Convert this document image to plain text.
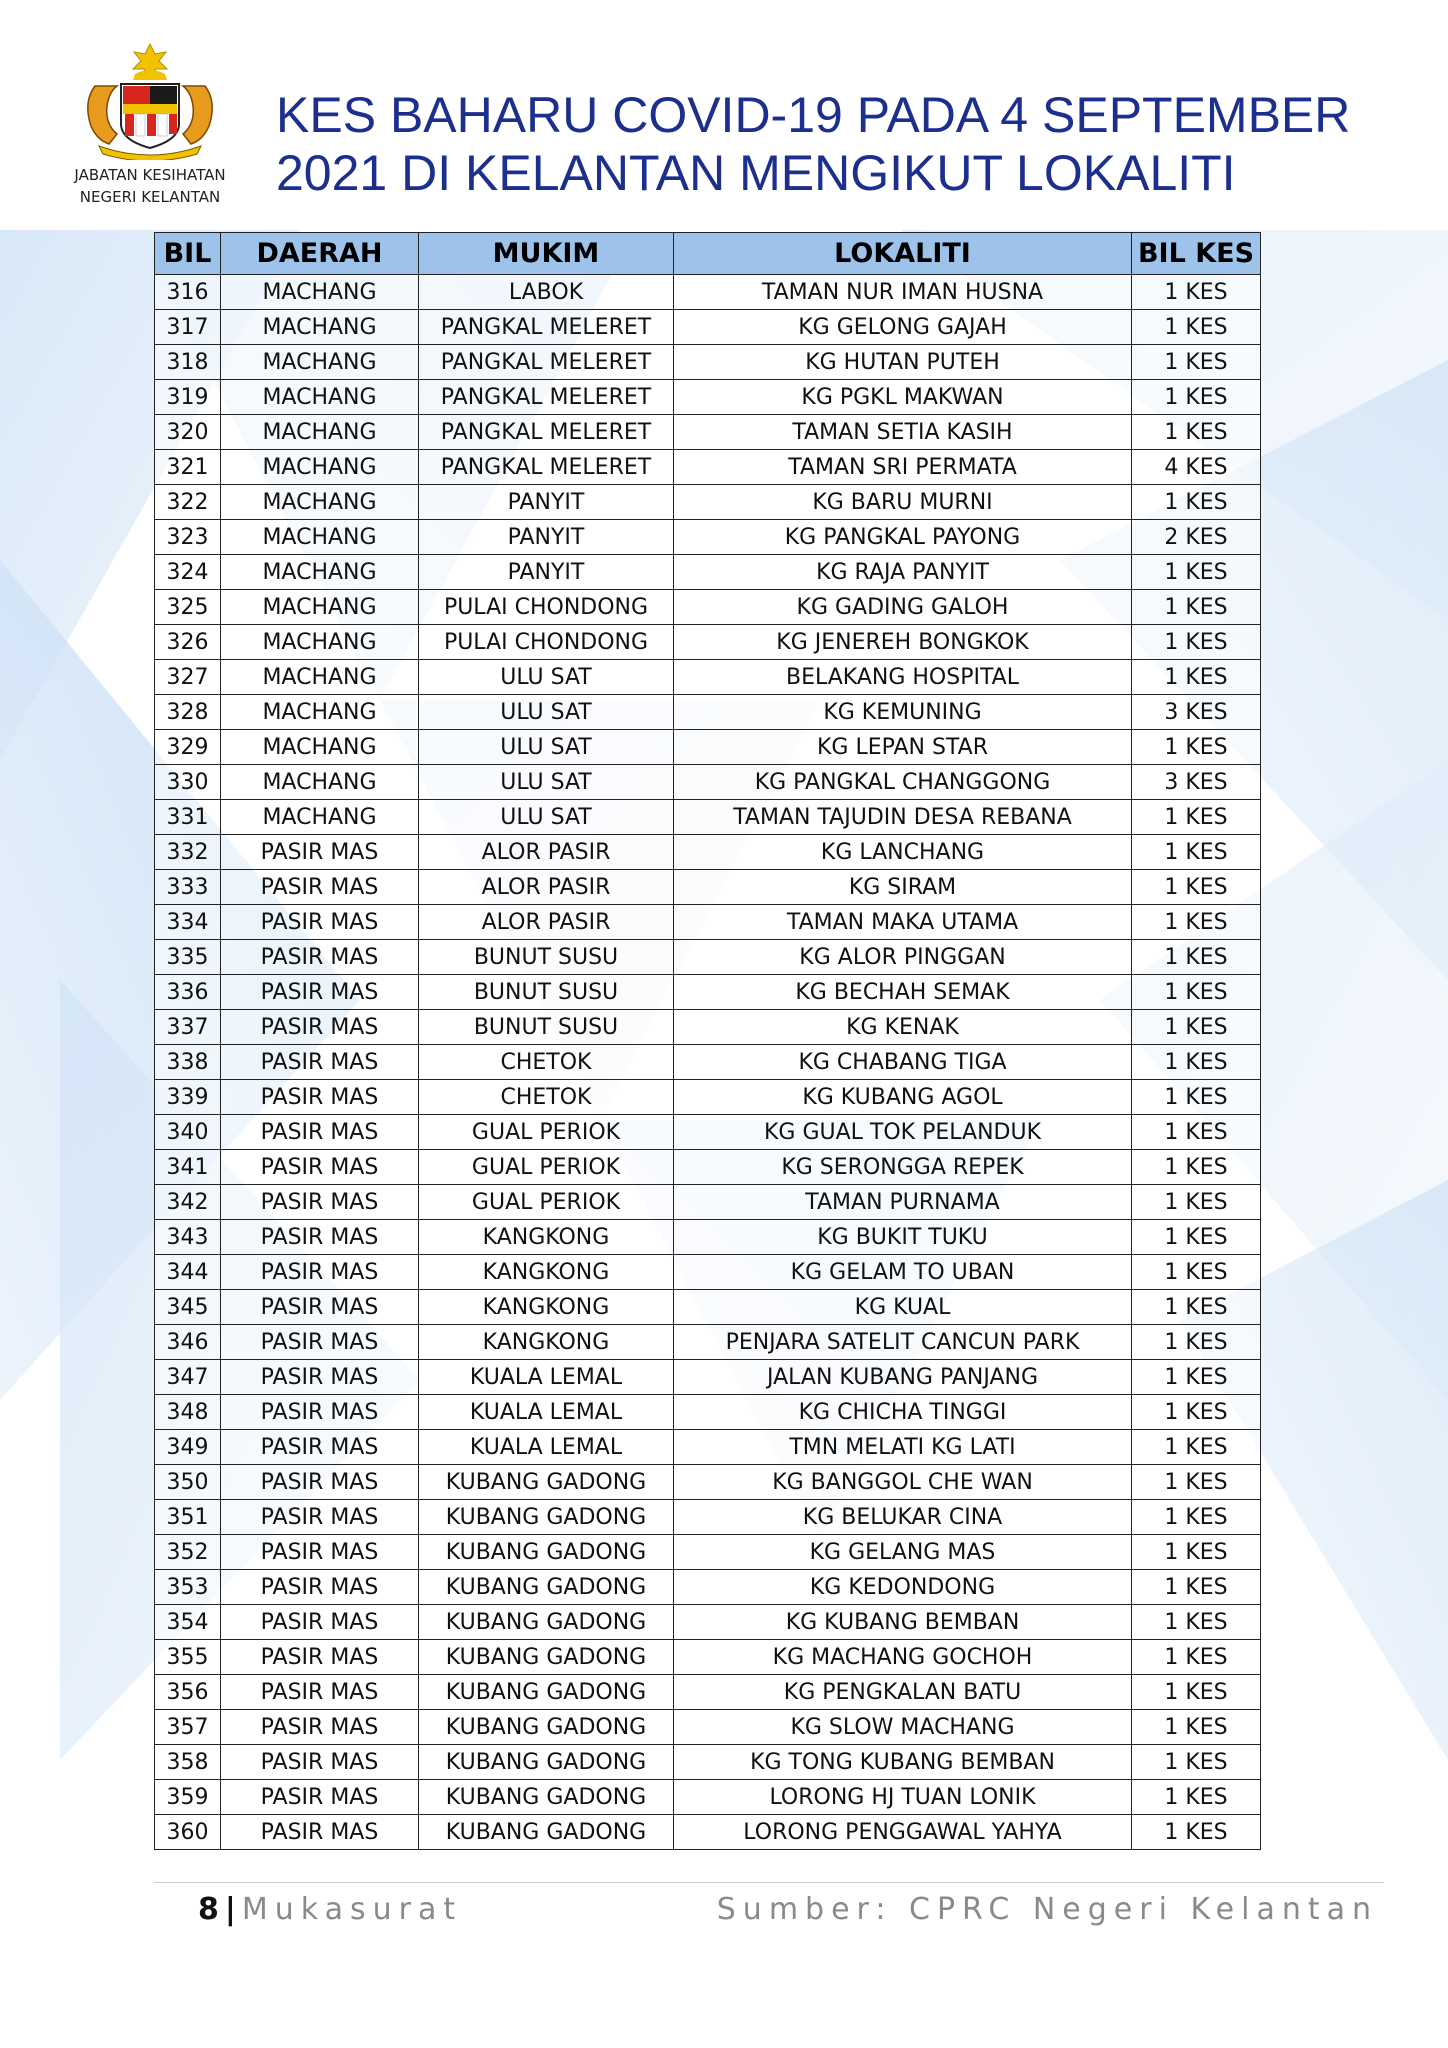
JABATAN KESIHATAN
NEGERI KELANTAN
KES BAHARU COVID-19 PADA 4 SEPTEMBER
2021 DI KELANTAN MENGIKUT LOKALITI
BIL	DAERAH	MUKIM	LOKALITI	BIL KES
316	MACHANG	LABOK	TAMAN NUR IMAN HUSNA	1 KES
317	MACHANG	PANGKAL MELERET	KG GELONG GAJAH	1 KES
318	MACHANG	PANGKAL MELERET	KG HUTAN PUTEH	1 KES
319	MACHANG	PANGKAL MELERET	KG PGKL MAKWAN	1 KES
320	MACHANG	PANGKAL MELERET	TAMAN SETIA KASIH	1 KES
321	MACHANG	PANGKAL MELERET	TAMAN SRI PERMATA	4 KES
322	MACHANG	PANYIT	KG BARU MURNI	1 KES
323	MACHANG	PANYIT	KG PANGKAL PAYONG	2 KES
324	MACHANG	PANYIT	KG RAJA PANYIT	1 KES
325	MACHANG	PULAI CHONDONG	KG GADING GALOH	1 KES
326	MACHANG	PULAI CHONDONG	KG JENEREH BONGKOK	1 KES
327	MACHANG	ULU SAT	BELAKANG HOSPITAL	1 KES
328	MACHANG	ULU SAT	KG KEMUNING	3 KES
329	MACHANG	ULU SAT	KG LEPAN STAR	1 KES
330	MACHANG	ULU SAT	KG PANGKAL CHANGGONG	3 KES
331	MACHANG	ULU SAT	TAMAN TAJUDIN DESA REBANA	1 KES
332	PASIR MAS	ALOR PASIR	KG LANCHANG	1 KES
333	PASIR MAS	ALOR PASIR	KG SIRAM	1 KES
334	PASIR MAS	ALOR PASIR	TAMAN MAKA UTAMA	1 KES
335	PASIR MAS	BUNUT SUSU	KG ALOR PINGGAN	1 KES
336	PASIR MAS	BUNUT SUSU	KG BECHAH SEMAK	1 KES
337	PASIR MAS	BUNUT SUSU	KG KENAK	1 KES
338	PASIR MAS	CHETOK	KG CHABANG TIGA	1 KES
339	PASIR MAS	CHETOK	KG KUBANG AGOL	1 KES
340	PASIR MAS	GUAL PERIOK	KG GUAL TOK PELANDUK	1 KES
341	PASIR MAS	GUAL PERIOK	KG SERONGGA REPEK	1 KES
342	PASIR MAS	GUAL PERIOK	TAMAN PURNAMA	1 KES
343	PASIR MAS	KANGKONG	KG BUKIT TUKU	1 KES
344	PASIR MAS	KANGKONG	KG GELAM TO UBAN	1 KES
345	PASIR MAS	KANGKONG	KG KUAL	1 KES
346	PASIR MAS	KANGKONG	PENJARA SATELIT CANCUN PARK	1 KES
347	PASIR MAS	KUALA LEMAL	JALAN KUBANG PANJANG	1 KES
348	PASIR MAS	KUALA LEMAL	KG CHICHA TINGGI	1 KES
349	PASIR MAS	KUALA LEMAL	TMN MELATI KG LATI	1 KES
350	PASIR MAS	KUBANG GADONG	KG BANGGOL CHE WAN	1 KES
351	PASIR MAS	KUBANG GADONG	KG BELUKAR CINA	1 KES
352	PASIR MAS	KUBANG GADONG	KG GELANG MAS	1 KES
353	PASIR MAS	KUBANG GADONG	KG KEDONDONG	1 KES
354	PASIR MAS	KUBANG GADONG	KG KUBANG BEMBAN	1 KES
355	PASIR MAS	KUBANG GADONG	KG MACHANG GOCHOH	1 KES
356	PASIR MAS	KUBANG GADONG	KG PENGKALAN BATU	1 KES
357	PASIR MAS	KUBANG GADONG	KG SLOW MACHANG	1 KES
358	PASIR MAS	KUBANG GADONG	KG TONG KUBANG BEMBAN	1 KES
359	PASIR MAS	KUBANG GADONG	LORONG HJ TUAN LONIK	1 KES
360	PASIR MAS	KUBANG GADONG	LORONG PENGGAWAL YAHYA	1 KES
8 | Mukasurat	Sumber: CPRC Negeri Kelantan
